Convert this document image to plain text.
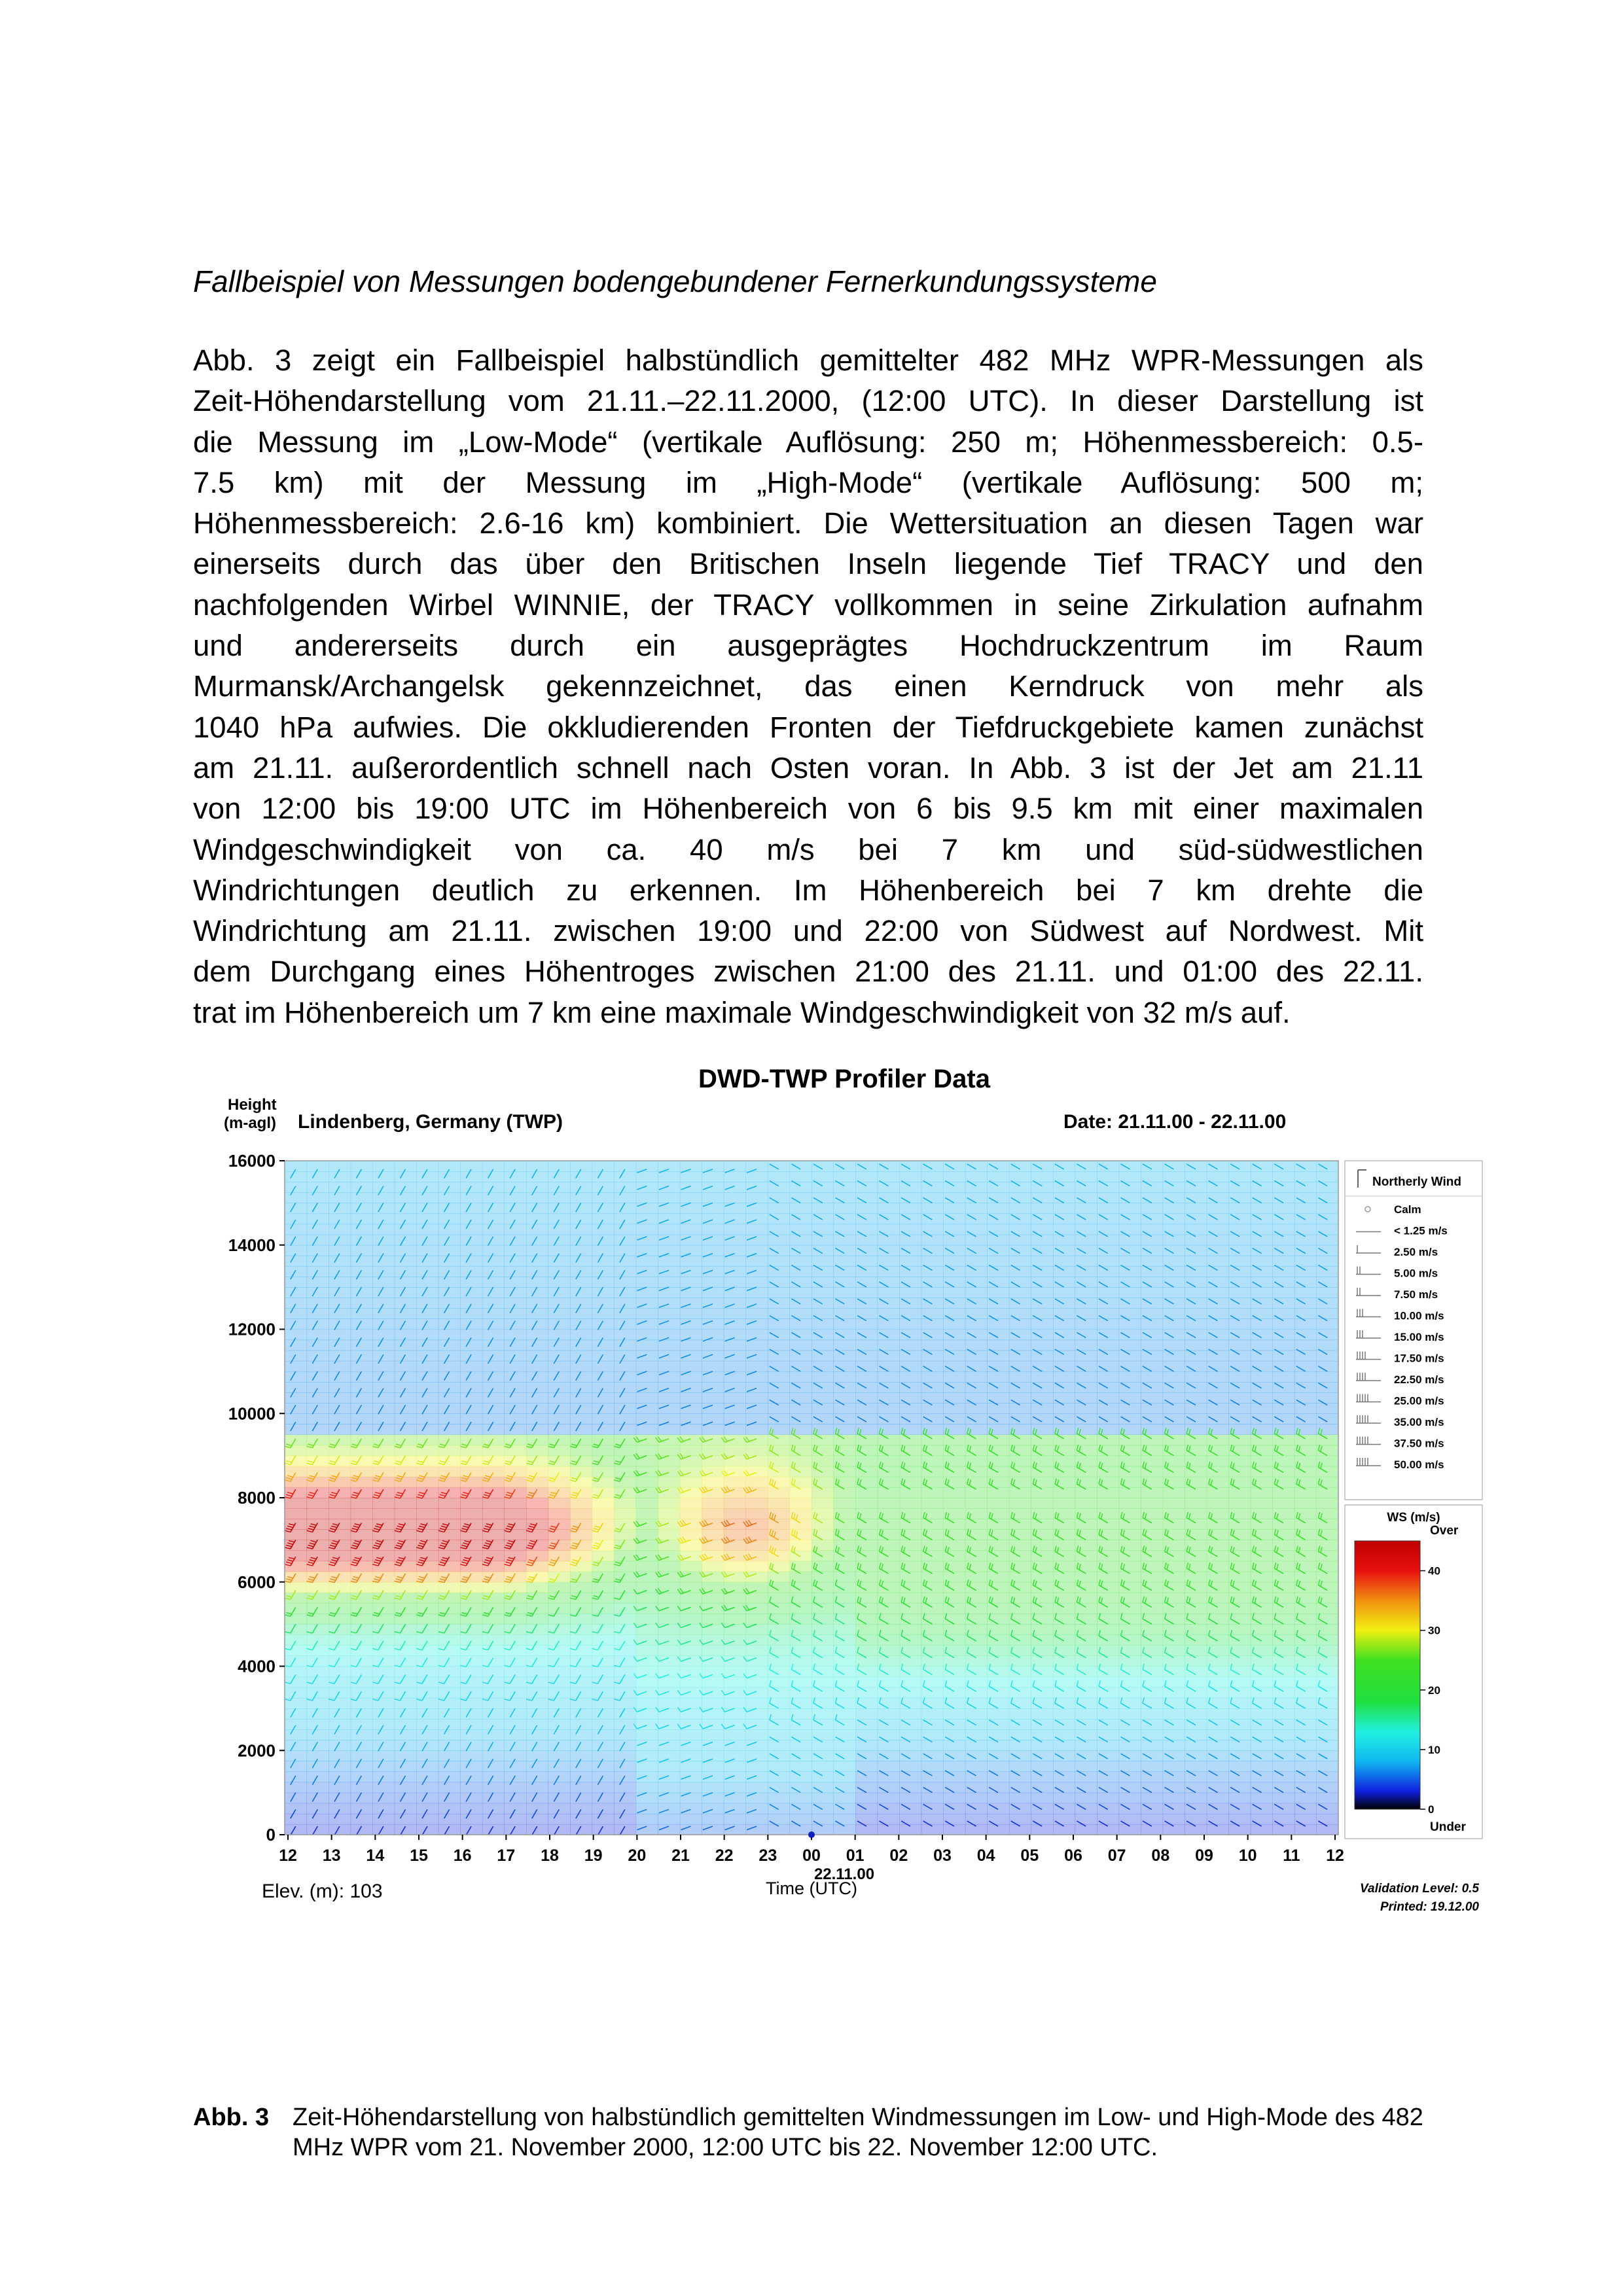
Fallbeispiel von Messungen bodengebundener Fernerkundungssysteme

Abb. 3 zeigt ein Fallbeispiel halbstündlich gemittelter 482 MHz WPR-Messungen als

Zeit-Höhendarstellung vom 21.11.–22.11.2000, (12:00 UTC). In dieser Darstellung ist

die Messung im „Low-Mode“ (vertikale Auflösung: 250 m; Höhenmessbereich: 0.5-

7.5 km) mit der Messung im „High-Mode“ (vertikale Auflösung: 500 m;

Höhenmessbereich: 2.6-16 km) kombiniert. Die Wettersituation an diesen Tagen war

einerseits durch das über den Britischen Inseln liegende Tief TRACY und den

nachfolgenden Wirbel WINNIE, der TRACY vollkommen in seine Zirkulation aufnahm

und andererseits durch ein ausgeprägtes Hochdruckzentrum im Raum

Murmansk/Archangelsk gekennzeichnet, das einen Kerndruck von mehr als

1040 hPa aufwies. Die okkludierenden Fronten der Tiefdruckgebiete kamen zunächst

am 21.11. außerordentlich schnell nach Osten voran. In Abb. 3 ist der Jet am 21.11

von 12:00 bis 19:00 UTC im Höhenbereich von 6 bis 9.5 km mit einer maximalen

Windgeschwindigkeit von ca. 40 m/s bei 7 km und süd-südwestlichen

Windrichtungen deutlich zu erkennen. Im Höhenbereich bei 7 km drehte die

Windrichtung am 21.11. zwischen 19:00 und 22:00 von Südwest auf Nordwest. Mit

dem Durchgang eines Höhentroges zwischen 21:00 des 21.11. und 01:00 des 22.11.

trat im Höhenbereich um 7 km eine maximale Windgeschwindigkeit von 32 m/s auf.

0
2000
4000
6000
8000
10000
12000
14000
16000
12 13 14 15 16 17 18 19 20 21 22 23 00
22.11.00
01 02 03 04 05 06 07 08 09 10 11 12
DWD-TWP Profiler Data
Height
(m-agl) Lindenberg, Germany (TWP)	Date: 21.11.00 - 22.11.00
Elev. (m): 103	Time (UTC)	Validation Level: 0.5
Printed: 19.12.00
Northerly Wind
Calm
< 1.25 m/s
2.50 m/s
5.00 m/s
7.50 m/s
10.00 m/s
15.00 m/s
17.50 m/s
22.50 m/s
25.00 m/s
35.00 m/s
37.50 m/s
50.00 m/s
WS (m/s)
Over
0
10
20
30
40
Under
Abb. 3 Zeit-Höhendarstellung von halbstündlich gemittelten Windmessungen im Low- und High-Mode des 482 MHz WPR vom 21. November 2000, 12:00 UTC bis 22. November 12:00 UTC.
